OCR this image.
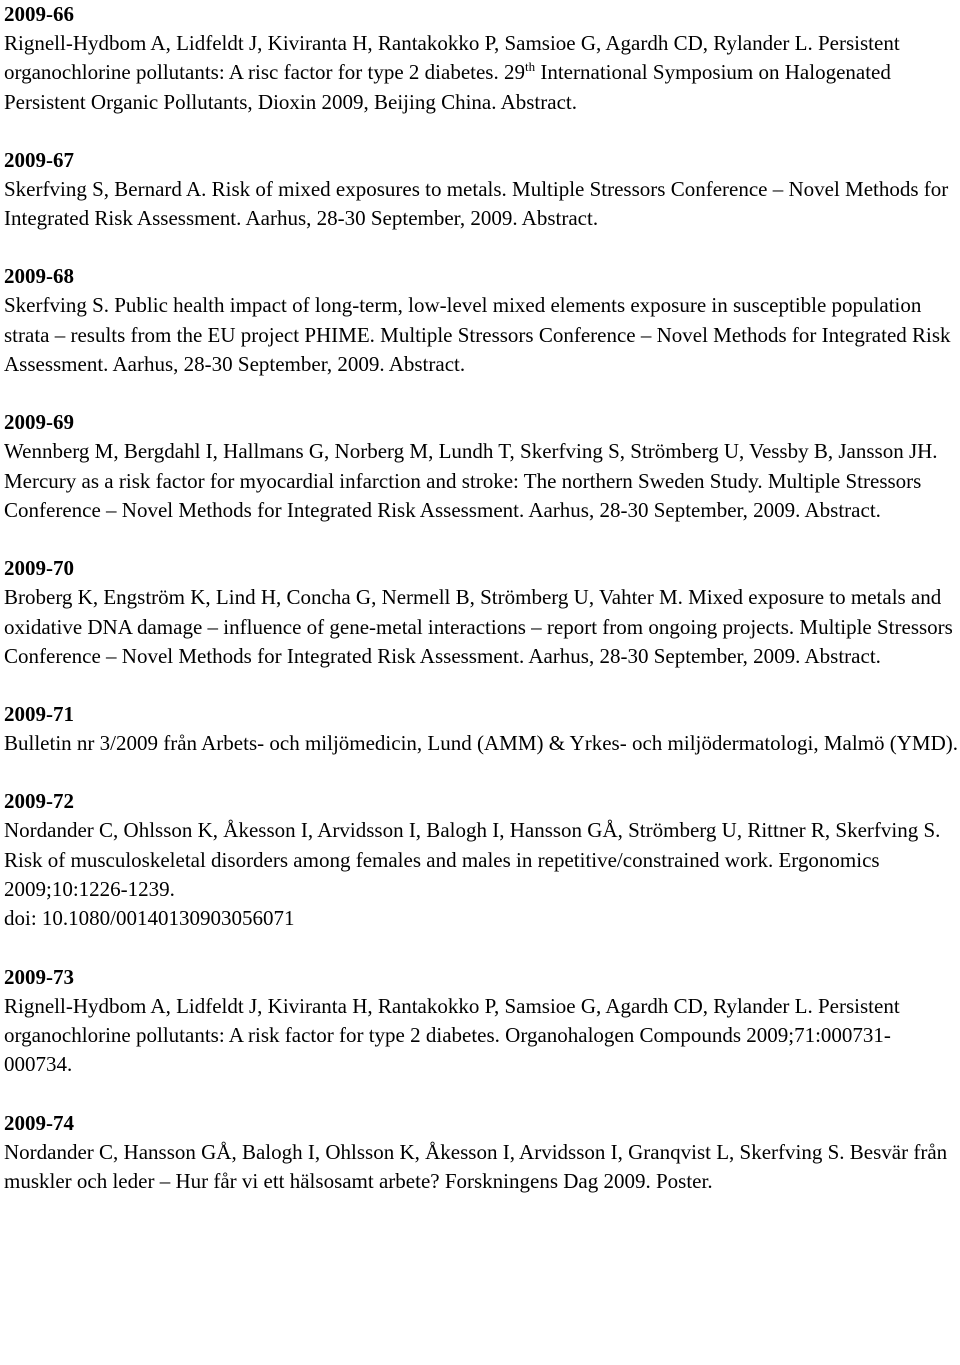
2009-66

Rignell-Hydbom A, Lidfeldt J, Kiviranta H, Rantakokko P, Samsioe G, Agardh CD, Rylander L. Persistent organochlorine pollutants: A risc factor for type 2 diabetes. 29th International Symposium on Halogenated Persistent Organic Pollutants, Dioxin 2009, Beijing China. Abstract.

2009-67

Skerfving S, Bernard A. Risk of mixed exposures to metals. Multiple Stressors Conference – Novel Methods for Integrated Risk Assessment. Aarhus, 28-30 September, 2009. Abstract.

2009-68

Skerfving S. Public health impact of long-term, low-level mixed elements exposure in susceptible population strata – results from the EU project PHIME. Multiple Stressors Conference – Novel Methods for Integrated Risk Assessment. Aarhus, 28-30 September, 2009. Abstract.

2009-69

Wennberg M, Bergdahl I, Hallmans G, Norberg M, Lundh T, Skerfving S, Strömberg U, Vessby B, Jansson JH. Mercury as a risk factor for myocardial infarction and stroke: The northern Sweden Study. Multiple Stressors Conference – Novel Methods for Integrated Risk Assessment. Aarhus, 28-30 September, 2009. Abstract.

2009-70

Broberg K, Engström K, Lind H, Concha G, Nermell B, Strömberg U, Vahter M. Mixed exposure to metals and oxidative DNA damage – influence of gene-metal interactions – report from ongoing projects. Multiple Stressors Conference – Novel Methods for Integrated Risk Assessment. Aarhus, 28-30 September, 2009. Abstract.

2009-71

Bulletin nr 3/2009 från Arbets- och miljömedicin, Lund (AMM) & Yrkes- och miljödermatologi, Malmö (YMD).

2009-72

Nordander C, Ohlsson K, Åkesson I, Arvidsson I, Balogh I, Hansson GÅ, Strömberg U, Rittner R, Skerfving S. Risk of musculoskeletal disorders among females and males in repetitive/constrained work. Ergonomics 2009;10:1226-1239.

doi: 10.1080/00140130903056071

2009-73

Rignell-Hydbom A, Lidfeldt J, Kiviranta H, Rantakokko P, Samsioe G, Agardh CD, Rylander L. Persistent organochlorine pollutants: A risk factor for type 2 diabetes. Organohalogen Compounds 2009;71:000731-000734.

2009-74

Nordander C, Hansson GÅ, Balogh I, Ohlsson K, Åkesson I, Arvidsson I, Granqvist L, Skerfving S. Besvär från muskler och leder – Hur får vi ett hälsosamt arbete? Forskningens Dag 2009. Poster.
